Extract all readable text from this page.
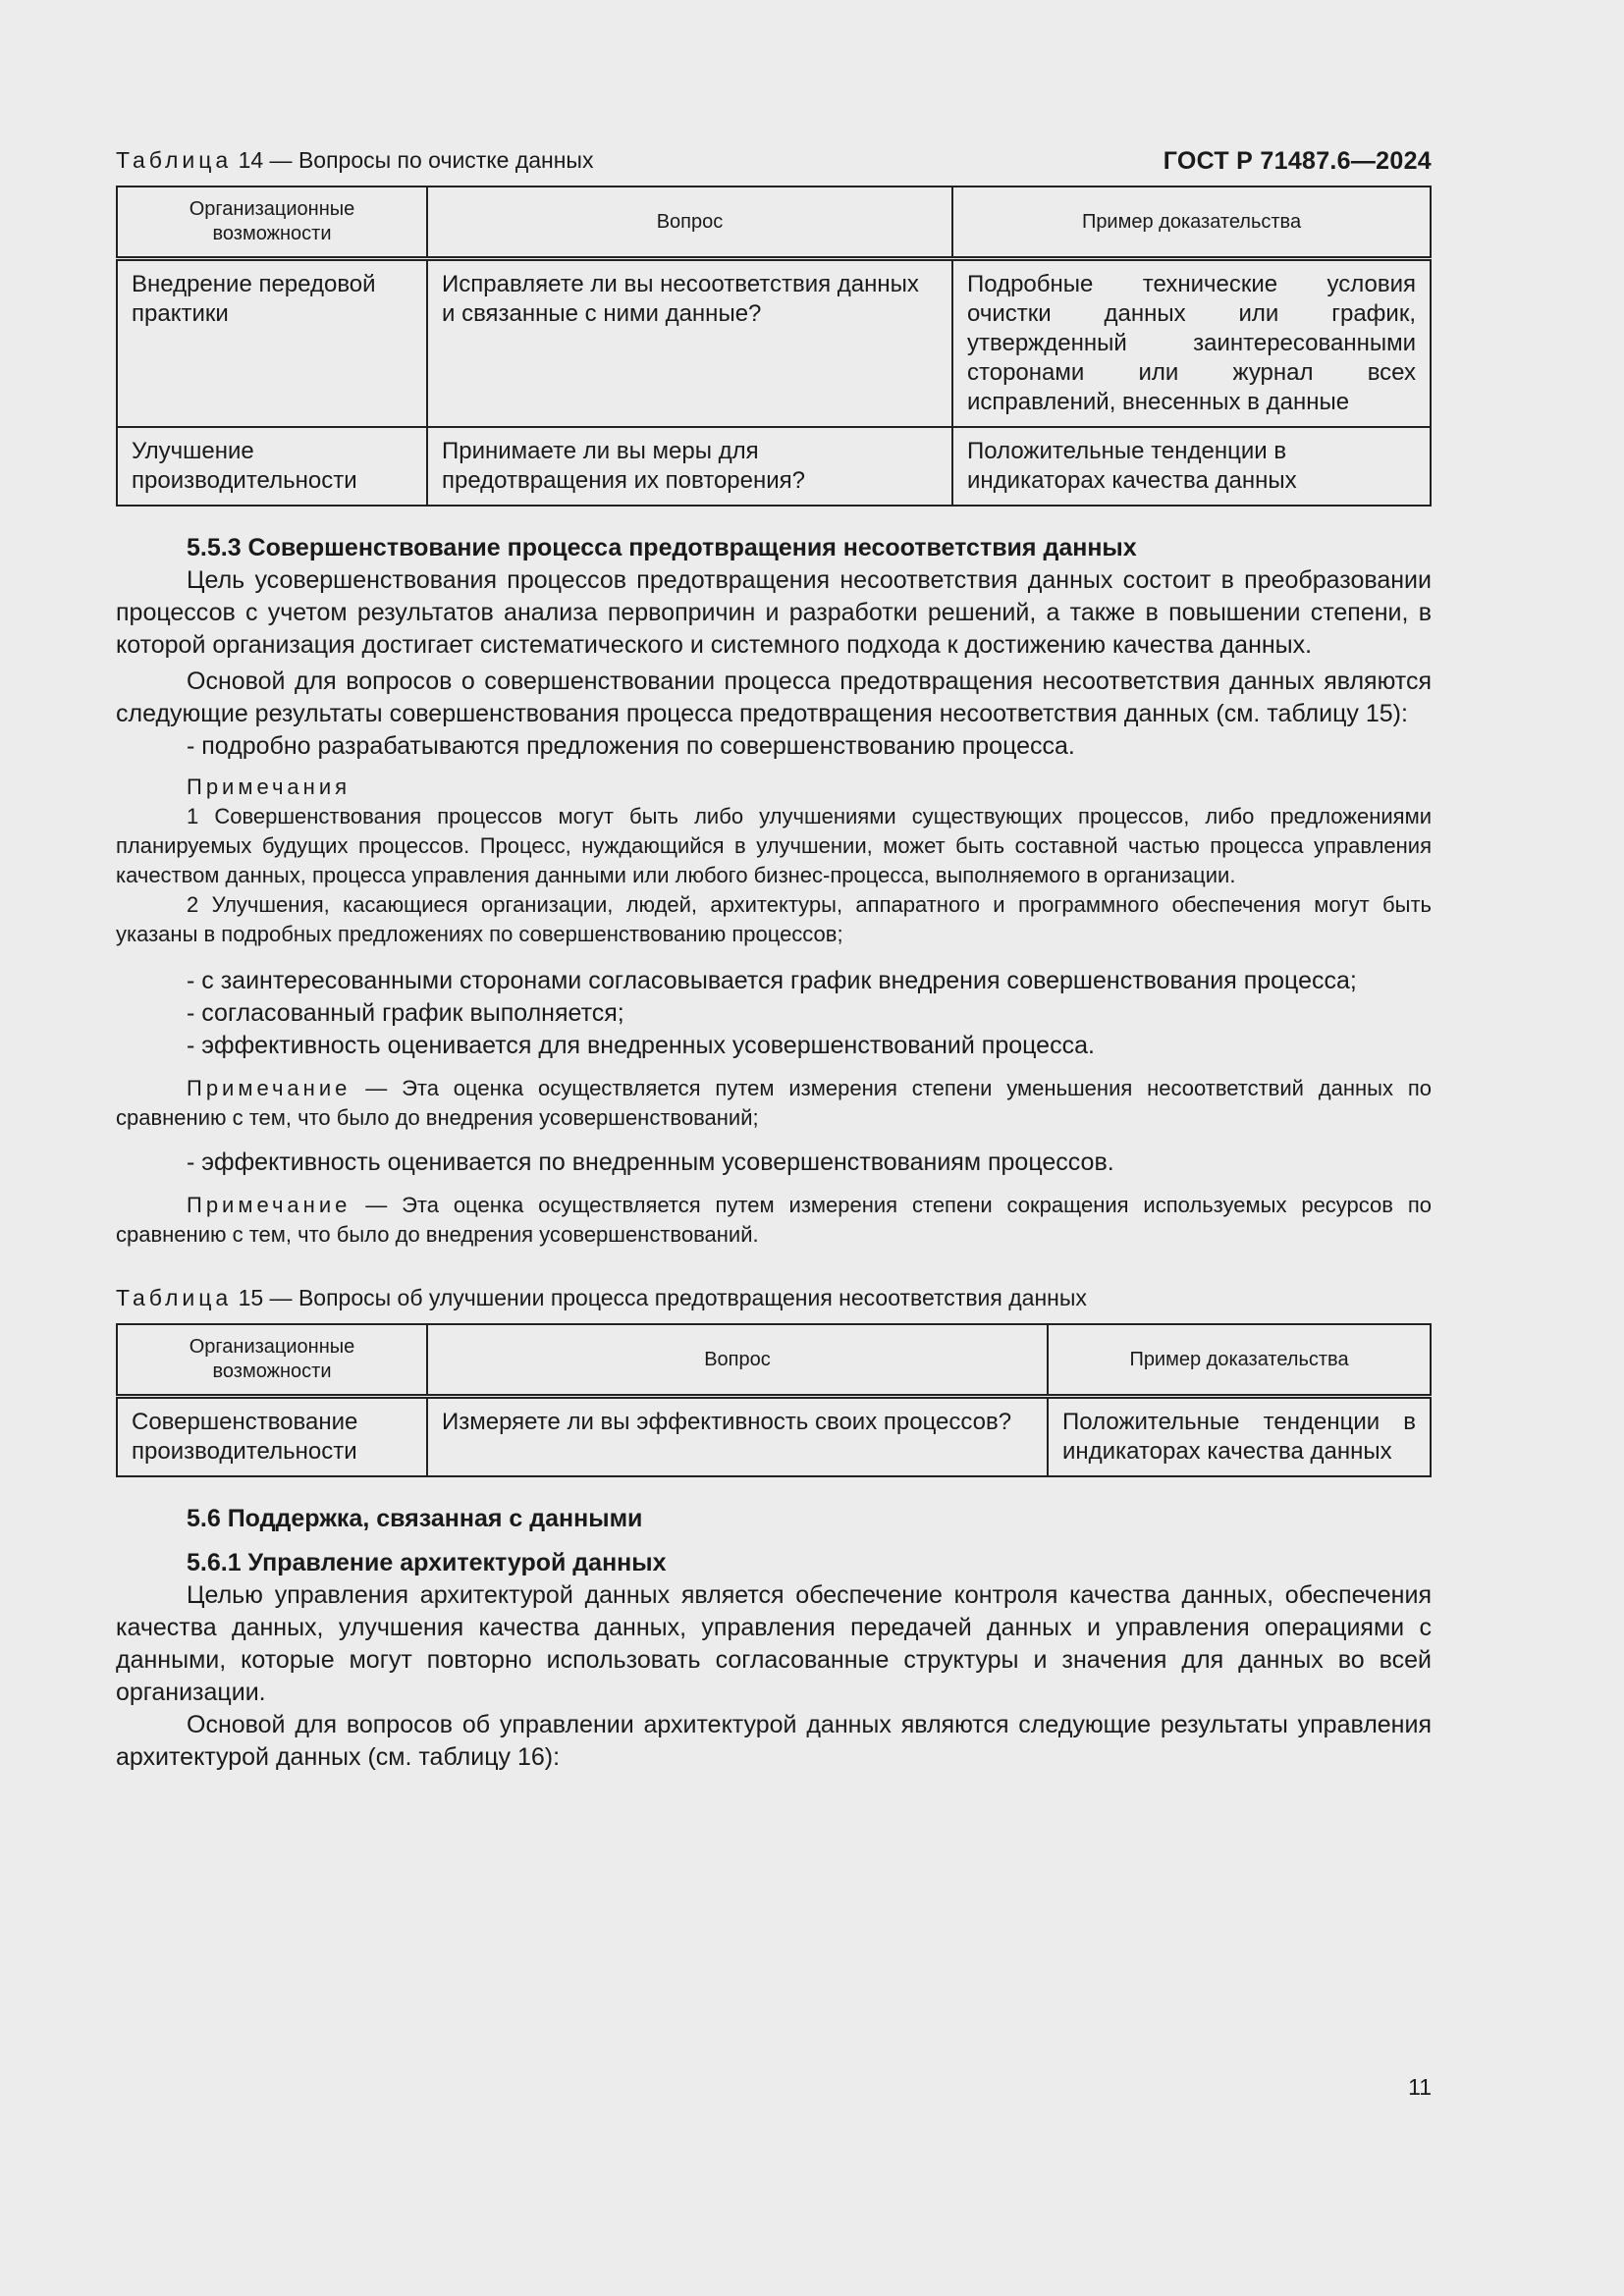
ГОСТ Р 71487.6—2024
Таблица 14 — Вопросы по очистке данных
Организационные возможности	Вопрос	Пример доказательства
Внедрение передовой практики	Исправляете ли вы несоответствия данных и связанные с ними данные?	Подробные технические условия очистки данных или график, утвержденный заинтересованными сторонами или журнал всех исправлений, внесенных в данные
Улучшение производительности	Принимаете ли вы меры для предотвращения их повторения?	Положительные тенденции в индикаторах качества данных
5.5.3 Совершенствование процесса предотвращения несоответствия данных

Цель усовершенствования процессов предотвращения несоответствия данных состоит в преобразовании процессов с учетом результатов анализа первопричин и разработки решений, а также в повышении степени, в которой организация достигает систематического и системного подхода к достижению качества данных.

Основой для вопросов о совершенствовании процесса предотвращения несоответствия данных являются следующие результаты совершенствования процесса предотвращения несоответствия данных (см. таблицу 15):

- подробно разрабатываются предложения по совершенствованию процесса.

Примечания

1 Совершенствования процессов могут быть либо улучшениями существующих процессов, либо предложениями планируемых будущих процессов. Процесс, нуждающийся в улучшении, может быть составной частью процесса управления качеством данных, процесса управления данными или любого бизнес-процесса, выполняемого в организации.

2 Улучшения, касающиеся организации, людей, архитектуры, аппаратного и программного обеспечения могут быть указаны в подробных предложениях по совершенствованию процессов;

- с заинтересованными сторонами согласовывается график внедрения совершенствования процесса;

- согласованный график выполняется;

- эффективность оценивается для внедренных усовершенствований процесса.

Примечание — Эта оценка осуществляется путем измерения степени уменьшения несоответствий данных по сравнению с тем, что было до внедрения усовершенствований;

- эффективность оценивается по внедренным усовершенствованиям процессов.

Примечание — Эта оценка осуществляется путем измерения степени сокращения используемых ресурсов по сравнению с тем, что было до внедрения усовершенствований.

Таблица 15 — Вопросы об улучшении процесса предотвращения несоответствия данных
Организационные возможности	Вопрос	Пример доказательства
Совершенствование производительности	Измеряете ли вы эффективность своих процессов?	Положительные тенденции в индикаторах качества данных
5.6 Поддержка, связанная с данными
5.6.1 Управление архитектурой данных

Целью управления архитектурой данных является обеспечение контроля качества данных, обеспечения качества данных, улучшения качества данных, управления передачей данных и управления операциями с данными, которые могут повторно использовать согласованные структуры и значения для данных во всей организации.

Основой для вопросов об управлении архитектурой данных являются следующие результаты управления архитектурой данных (см. таблицу 16):

11
